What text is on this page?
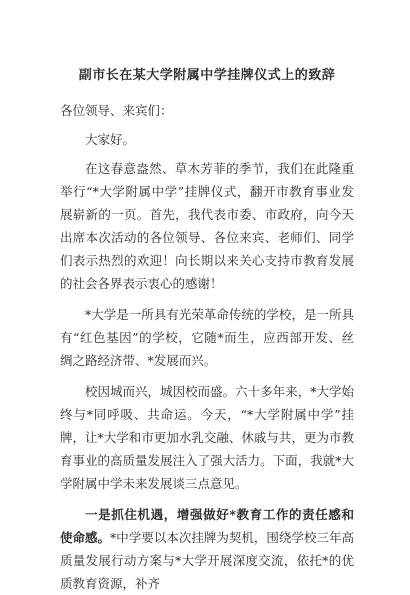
副市长在某大学附属中学挂牌仪式上的致辞
各位领导、来宾们：

大家好。

在这春意盎然、草木芳菲的季节，我们在此隆重举行“*大学附属中学”挂牌仪式，翻开市教育事业发展崭新的一页。首先，我代表市委、市政府，向今天出席本次活动的各位领导、各位来宾、老师们、同学们表示热烈的欢迎！向长期以来关心支持市教育发展的社会各界表示衷心的感谢！

*大学是一所具有光荣革命传统的学校，是一所具有“红色基因”的学校，它随*而生，应西部开发、丝绸之路经济带、*发展而兴。

校因城而兴，城因校而盛。六十多年来，*大学始终与*同呼吸、共命运。今天，“*大学附属中学”挂牌，让*大学和市更加水乳交融、休戚与共，更为市教育事业的高质量发展注入了强大活力。下面，我就*大学附属中学未来发展谈三点意见。

一是抓住机遇，增强做好*教育工作的责任感和使命感。*中学要以本次挂牌为契机，围绕学校三年高质量发展行动方案与*大学开展深度交流，依托*的优质教育资源，补齐
